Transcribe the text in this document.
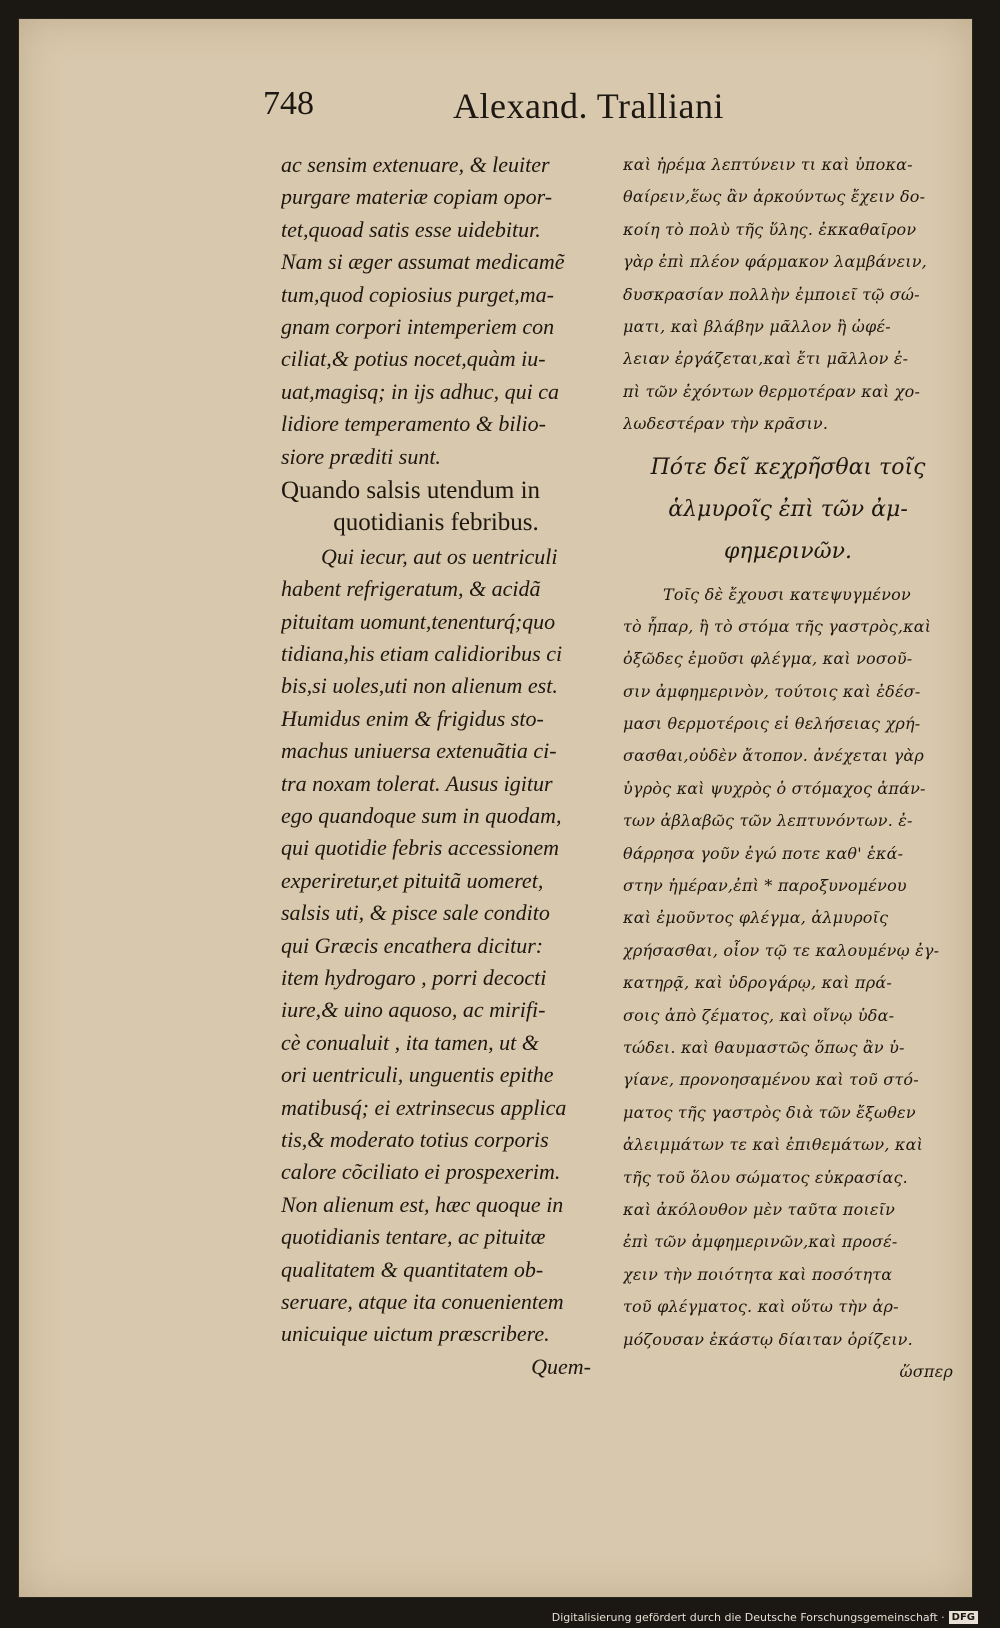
748	Alexand. Tralliani
ac sensim extenuare, & leuiter
purgare materiæ copiam opor-
tet,quoad satis esse uidebitur.
Nam si æger assumat medicamẽ
tum,quod copiosius purget,ma-
gnam corpori intemperiem con
ciliat,& potius nocet,quàm iu-
uat,magisq; in ijs adhuc, qui ca
lidiore temperamento & bilio-
siore præditi sunt.
Quando salsis utendum in
quotidianis febribus.
Qui iecur, aut os uentriculi
habent refrigeratum, & acidã
pituitam uomunt,tenenturq́;quo
tidiana,his etiam calidioribus ci
bis,si uoles,uti non alienum est.
Humidus enim & frigidus sto-
machus uniuersa extenuãtia ci-
tra noxam tolerat. Ausus igitur
ego quandoque sum in quodam,
qui quotidie febris accessionem
experiretur,et pituitã uomeret,
salsis uti, & pisce sale condito
qui Græcis encathera dicitur:
item hydrogaro , porri decocti
iure,& uino aquoso, ac mirifi-
cè conualuit , ita tamen, ut &
ori uentriculi, unguentis epithe
matibusq́; ei extrinsecus applica
tis,& moderato totius corporis
calore cõciliato ei prospexerim.
Non alienum est, hæc quoque in
quotidianis tentare, ac pituitæ
qualitatem & quantitatem ob-
seruare, atque ita conuenientem
unicuique uictum præscribere.
Quem-
καὶ ἠρέμα λεπτύνειν τι καὶ ὑποκα-
θαίρειν,ἕως ἂν ἀρκούντως ἔχειν δο-
κοίη τὸ πολὺ τῆς ὕλης. ἐκκαθαῖρον
γὰρ ἐπὶ πλέον φάρμακον λαμβάνειν,
δυσκρασίαν πολλὴν ἐμποιεῖ τῷ σώ-
ματι, καὶ βλάβην μᾶλλον ἢ ὠφέ-
λειαν ἐργάζεται,καὶ ἔτι μᾶλλον ἐ-
πὶ τῶν ἐχόντων θερμοτέραν καὶ χο-
λωδεστέραν τὴν κρᾶσιν.
Πότε δεῖ κεχρῆσθαι τοῖς
ἁλμυροῖς ἐπὶ τῶν ἀμ-
φημερινῶν.
Τοῖς δὲ ἔχουσι κατεψυγμένον
τὸ ἧπαρ, ἢ τὸ στόμα τῆς γαστρὸς,καὶ
ὀξῶδες ἐμοῦσι φλέγμα, καὶ νοσοῦ-
σιν ἀμφημερινὸν, τούτοις καὶ ἐδέσ-
μασι θερμοτέροις εἰ θελήσειας χρή-
σασθαι,οὐδὲν ἄτοπον. ἀνέχεται γὰρ
ὑγρὸς καὶ ψυχρὸς ὁ στόμαχος ἁπάν-
των ἀβλαβῶς τῶν λεπτυνόντων. ἐ-
θάρρησα γοῦν ἐγώ ποτε καθ' ἑκά-
στην ἡμέραν,ἐπὶ * παροξυνομένου
καὶ ἐμοῦντος φλέγμα, ἁλμυροῖς
χρήσασθαι, οἷον τῷ τε καλουμένῳ ἐγ-
κατηρᾷ, καὶ ὑδρογάρῳ, καὶ πρά-
σοις ἀπὸ ζέματος, καὶ οἴνῳ ὑδα-
τώδει. καὶ θαυμαστῶς ὅπως ἂν ὑ-
γίανε, προνοησαμένου καὶ τοῦ στό-
ματος τῆς γαστρὸς διὰ τῶν ἔξωθεν
ἀλειμμάτων τε καὶ ἐπιθεμάτων, καὶ
τῆς τοῦ ὅλου σώματος εὐκρασίας.
καὶ ἀκόλουθον μὲν ταῦτα ποιεῖν
ἐπὶ τῶν ἀμφημερινῶν,καὶ προσέ-
χειν τὴν ποιότητα καὶ ποσότητα
τοῦ φλέγματος. καὶ οὕτω τὴν ἁρ-
μόζουσαν ἑκάστῳ δίαιταν ὁρίζειν.
ὥσπερ
Digitalisierung gefördert durch die Deutsche Forschungsgemeinschaft · DFG
